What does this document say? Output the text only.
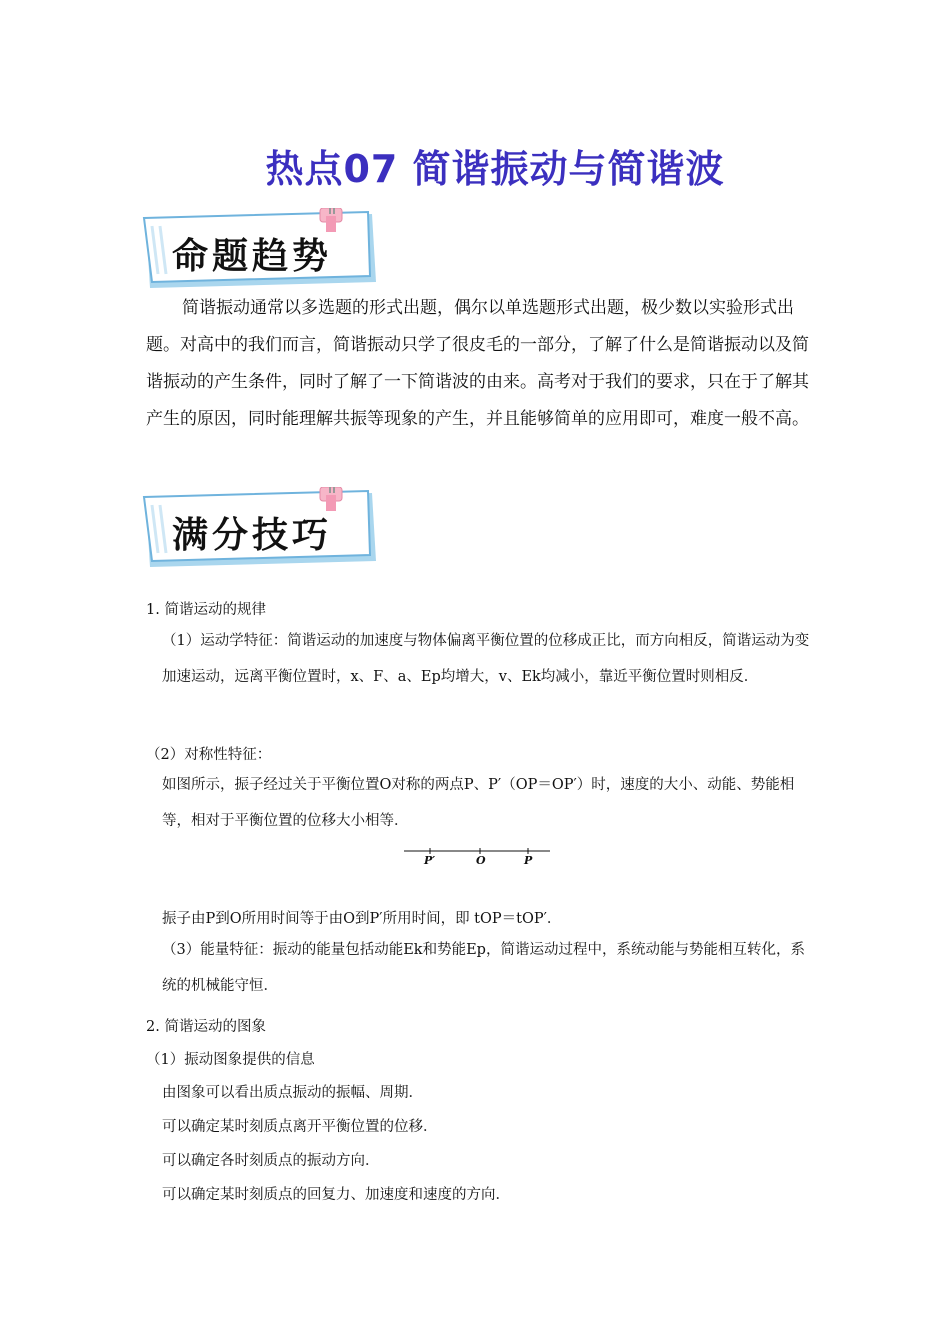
热点07 简谐振动与简谐波
命题趋势

简谐振动通常以多选题的形式出题，偶尔以单选题形式出题，极少数以实验形式出题。对高中的我们而言，简谐振动只学了很皮毛的一部分，了解了什么是简谐振动以及简谐振动的产生条件，同时了解了一下简谐波的由来。高考对于我们的要求，只在于了解其产生的原因，同时能理解共振等现象的产生，并且能够简单的应用即可，难度一般不高。

满分技巧
1. 简谐运动的规律
（1）运动学特征：简谐运动的加速度与物体偏离平衡位置的位移成正比，而方向相反，简谐运动为变加速运动，远离平衡位置时，x、F、a、Ep均增大，v、Ek均减小，靠近平衡位置时则相反．
（2）对称性特征：
如图所示，振子经过关于平衡位置O对称的两点P、P′（OP＝OP′）时，速度的大小、动能、势能相等，相对于平衡位置的位移大小相等．
P′	O	P
振子由P到O所用时间等于由O到P′所用时间，即 tOP＝tOP′．
（3）能量特征：振动的能量包括动能Ek和势能Ep，简谐运动过程中，系统动能与势能相互转化，系统的机械能守恒．
2. 简谐运动的图象
（1）振动图象提供的信息
由图象可以看出质点振动的振幅、周期．
可以确定某时刻质点离开平衡位置的位移．
可以确定各时刻质点的振动方向．
可以确定某时刻质点的回复力、加速度和速度的方向．
